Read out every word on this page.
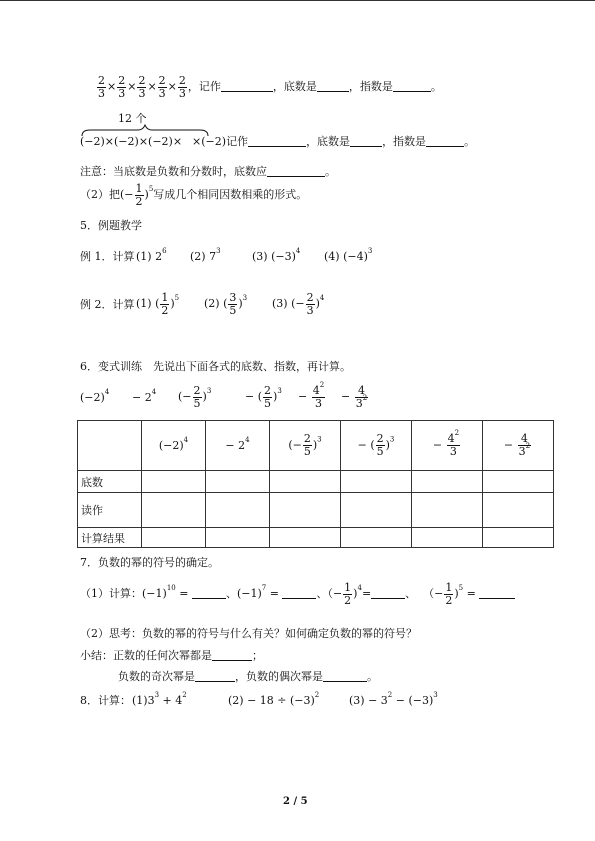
$\frac{2}{3} \times \frac{2}{3} \times \frac{2}{3} \times \frac{2}{3} \times \frac{2}{3}$ ，记作	，底数是	，指数是	。
12 个
(−2)×(−2)×(−2)× ×(−2)记作	，底数是	，指数是	。
注意：当底数是负数和分数时，底数应	。
（2）把(− $\frac{1}{2} )^5$写成几个相同因数相乘的形式。
5．例题教学
例 1．计算 (1) $2^6$ (2) $7^3$	(3) $(-3)^4$ (4) $(-4)^3$
例 2．计算 (1) ( $\frac{1}{2} )^5$ (2) ( $\frac{3}{5} )^3$ (3) (− $\frac{2}{3} )^4$
6．变式训练　先说出下面各式的底数、指数，再计算。
$(-2)^4 - 2^4$ (− $\frac{2}{5} )^3$	− ( $\frac{2}{5} )^3 - \frac{4^2}{3} - \frac{4}{3^2}$
	$(-2)^4$	− $2^4$	(− $\frac{2}{5} )^3$	− ( $\frac{2}{5} )^3$	− $\frac{4^2}{3}$	− $\frac{4}{3^2}$

底数						
读作						
计算结果						
7．负数的幂的符号的确定。
（1）计算：$(-1)^{10}$ =	、$(-1)^7$ =	、（− $\frac{1}{2} )^4=$	、 （− $\frac{1}{2} )^5$ =
（2）思考：负数的幂的符号与什么有关？如何确定负数的幂的符号？
小结：正数的任何次幂都是	；
负数的奇次幂是	，负数的偶次幂是	。
8．计算： $(1)3^3 + 4^2$	$(2) - 18 \div (-3)^2$	$(3) - 3^2 - (-3)^3$
2 / 5
